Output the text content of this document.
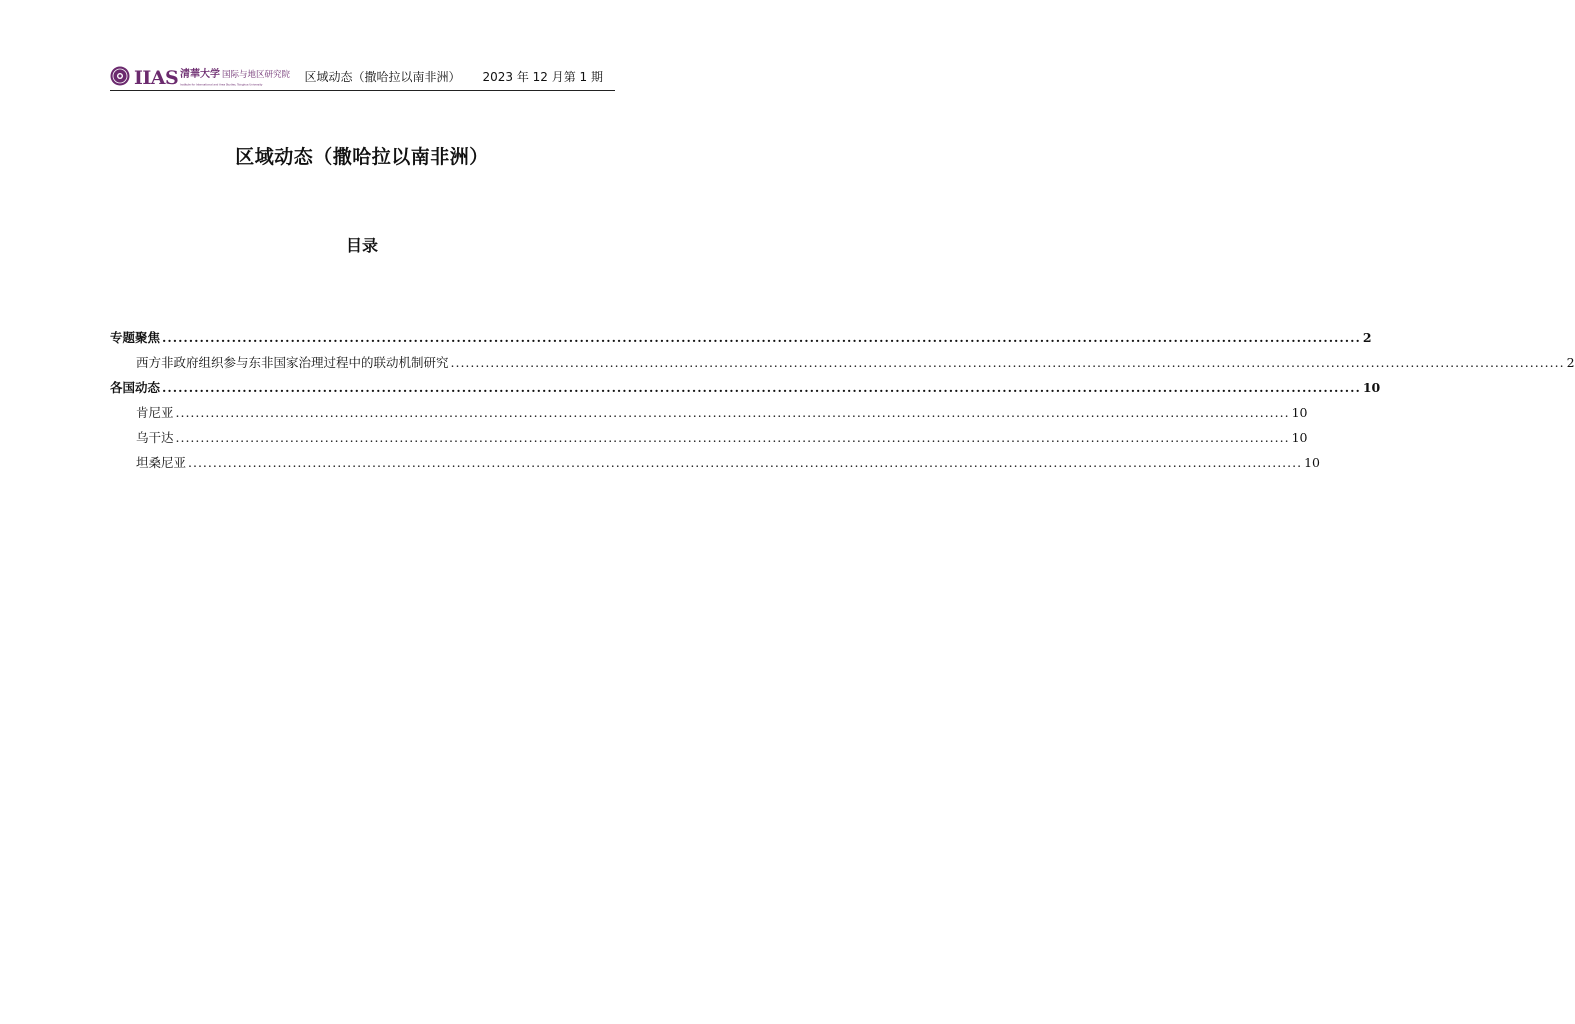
IIAS 清華大学 国际与地区研究院
Institute for International and Area Studies, Tsinghua University
区域动态（撒哈拉以南非洲） 2023 年 12 月第 1 期
区域动态（撒哈拉以南非洲）
目录
专题聚焦 .....	2
西方非政府组织参与东非国家治理过程中的联动机制研究 .....	2
各国动态 .....	10
肯尼亚 .....	10
乌干达 .....	10
坦桑尼亚 .....	10
